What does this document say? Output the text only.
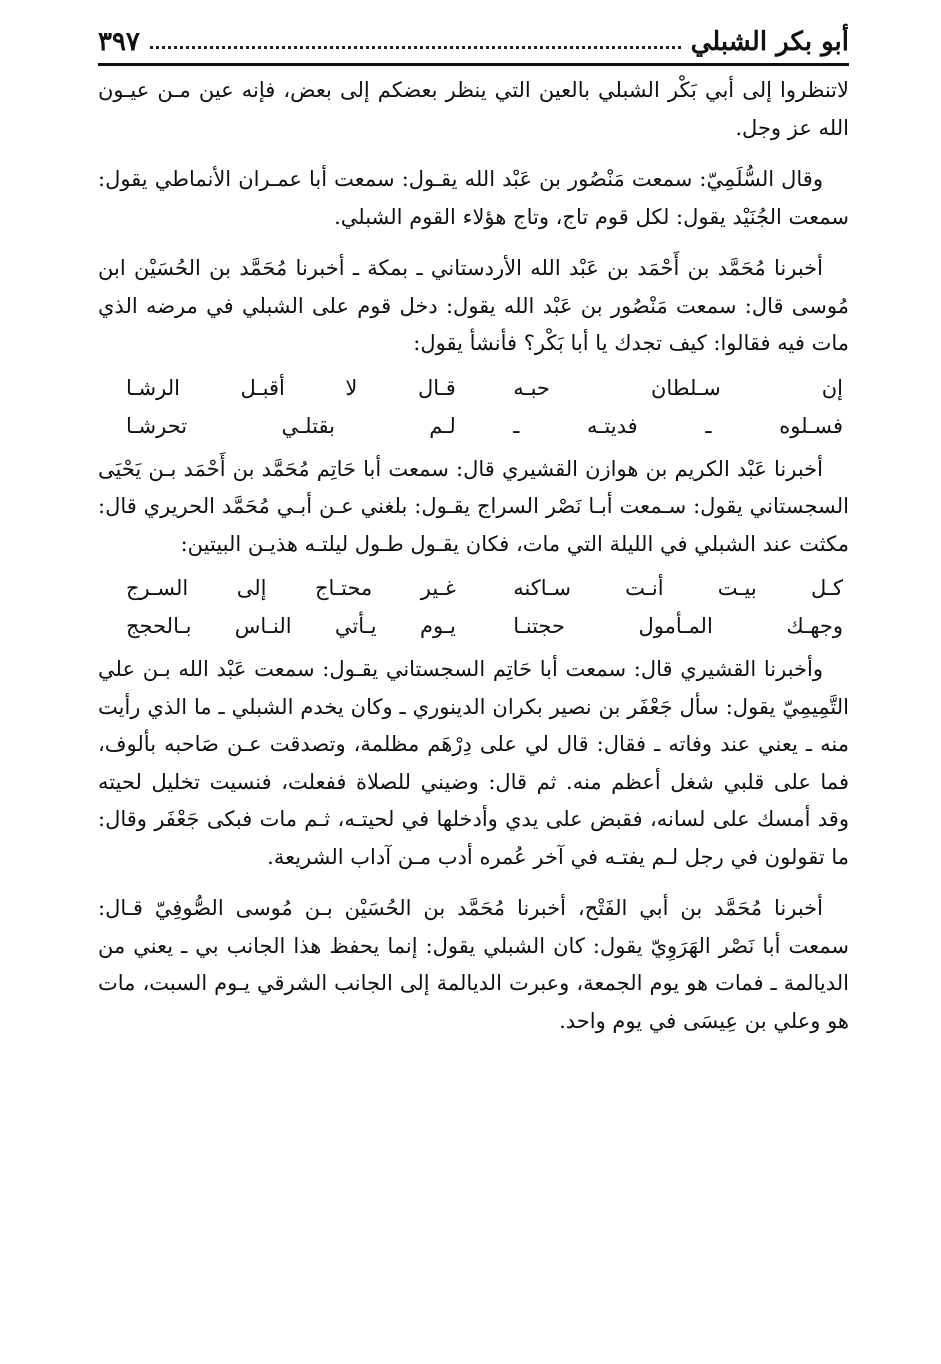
أبو بكر الشبلي
٣٩٧

لاتنظروا إلى أبي بَكْر الشبلي بالعين التي ينظر بعضكم إلى بعض، فإنه عين مـن عيـون الله عز وجل.

وقال السُّلَمِيّ: سمعت مَنْصُور بن عَبْد الله يقـول: سمعت أبا عمـران الأنماطي يقول: سمعت الجُنَيْد يقول: لكل قوم تاج، وتاج هؤلاء القوم الشبلي.

أخبرنا مُحَمَّد بن أَحْمَد بن عَبْد الله الأردستاني ـ بمكة ـ أخبرنا مُحَمَّد بن الحُسَيْن ابن مُوسى قال: سمعت مَنْصُور بن عَبْد الله يقول: دخل قوم على الشبلي في مرضه الذي مات فيه فقالوا: كيف تجدك يا أبا بَكْر؟ فأنشأ يقول:

إن سـلطان حبـه
قـال لا أقبـل الرشـا
فسـلوه ـ فديتـه ـ
لـم بقتلـي تحرشـا

أخبرنا عَبْد الكريم بن هوازن القشيري قال: سمعت أبا حَاتِم مُحَمَّد بن أَحْمَد بـن يَحْيَى السجستاني يقول: سـمعت أبـا نَصْر السراج يقـول: بلغني عـن أبـي مُحَمَّد الحريري قال: مكثت عند الشبلي في الليلة التي مات، فكان يقـول طـول ليلتـه هذيـن البيتين:

كـل بيـت أنـت سـاكنه
غـير محتـاج إلى السـرج
وجهـك المـأمول حجتنـا
يـوم يـأتي النـاس بـالحجج

وأخبرنا القشيري قال: سمعت أبا حَاتِم السجستاني يقـول: سمعت عَبْد الله بـن علي التَّمِيمِيّ يقول: سأل جَعْفَر بن نصير بكران الدينوري ـ وكان يخدم الشبلي ـ ما الذي رأيت منه ـ يعني عند وفاته ـ فقال: قال لي على دِرْهَم مظلمة، وتصدقت عـن صَاحبه بألوف، فما على قلبي شغل أعظم منه. ثم قال: وضيني للصلاة ففعلت، فنسيت تخليل لحيته وقد أمسك على لسانه، فقبض على يدي وأدخلها في لحيتـه، ثـم مات فبكى جَعْفَر وقال: ما تقولون في رجل لـم يفتـه في آخر عُمره أدب مـن آداب الشريعة.

أخبرنا مُحَمَّد بن أبي الفَتْح، أخبرنا مُحَمَّد بن الحُسَيْن بـن مُوسى الصُّوفِيّ قـال: سمعت أبا نَصْر الهَرَوِيّ يقول: كان الشبلي يقول: إنما يحفظ هذا الجانب بي ـ يعني من الديالمة ـ فمات هو يوم الجمعة، وعبرت الديالمة إلى الجانب الشرقي يـوم السبت، مات هو وعلي بن عِيسَى في يوم واحد.
